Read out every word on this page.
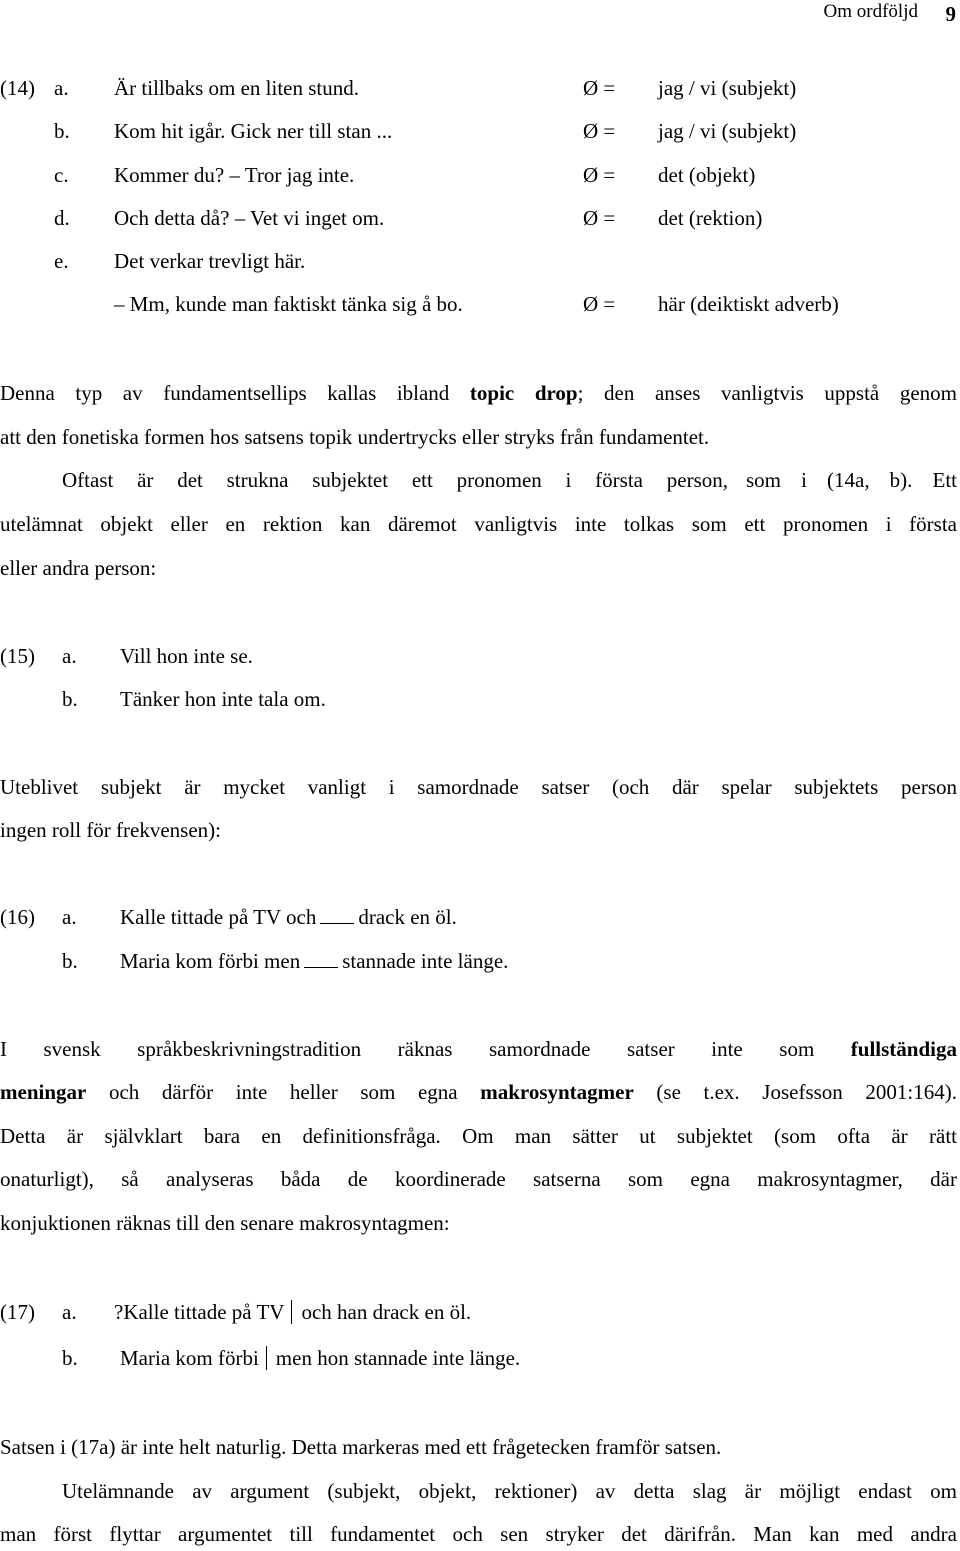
Om ordföljd 9
(14) a. Är tillbaks om en liten stund.	Ø = jag / vi (subjekt)
b. Kom hit igår. Gick ner till stan ...	Ø = jag / vi (subjekt)
c. Kommer du? – Tror jag inte.	Ø = det (objekt)
d. Och detta då? – Vet vi inget om.	Ø = det (rektion)
e. Det verkar trevligt här.
– Mm, kunde man faktiskt tänka sig å bo.	Ø = här (deiktiskt adverb)
Denna typ av fundamentsellips kallas ibland topic drop; den anses vanligtvis uppstå genom
att den fonetiska formen hos satsens topik undertrycks eller stryks från fundamentet.
Oftast är det strukna subjektet ett pronomen i första person, som i (14a, b). Ett
utelämnat objekt eller en rektion kan däremot vanligtvis inte tolkas som ett pronomen i första
eller andra person:
(15) a. Vill hon inte se.
b. Tänker hon inte tala om.
Uteblivet subjekt är mycket vanligt i samordnade satser (och där spelar subjektets person
ingen roll för frekvensen):
(16) a. Kalle tittade på TV och drack en öl.
b. Maria kom förbi men stannade inte länge.
I svensk språkbeskrivningstradition räknas samordnade satser inte som fullständiga
meningar och därför inte heller som egna makrosyntagmer (se t.ex. Josefsson 2001:164).
Detta är självklart bara en definitionsfråga. Om man sätter ut subjektet (som ofta är rätt
onaturligt), så analyseras båda de koordinerade satserna som egna makrosyntagmer, där
konjuktionen räknas till den senare makrosyntagmen:
(17) a. ?Kalle tittade på TV och han drack en öl.
b. Maria kom förbi men hon stannade inte länge.
Satsen i (17a) är inte helt naturlig. Detta markeras med ett frågetecken framför satsen.
Utelämnande av argument (subjekt, objekt, rektioner) av detta slag är möjligt endast om
man först flyttar argumentet till fundamentet och sen stryker det därifrån. Man kan med andra
